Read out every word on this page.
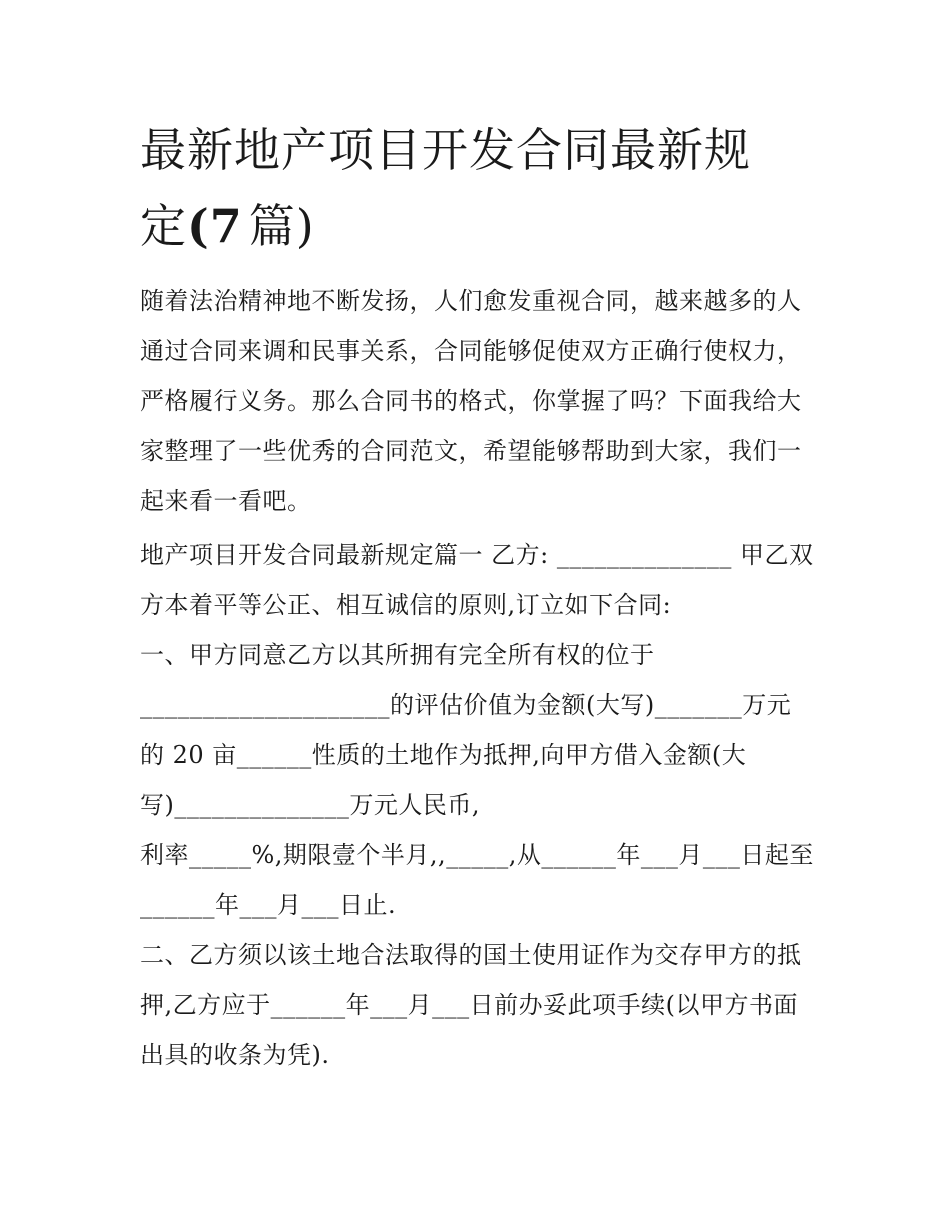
最新地产项目开发合同最新规
定(7 篇)
随着法治精神地不断发扬，人们愈发重视合同，越来越多的人
通过合同来调和民事关系，合同能够促使双方正确行使权力，
严格履行义务。那么合同书的格式，你掌握了吗？下面我给大
家整理了一些优秀的合同范文，希望能够帮助到大家，我们一
起来看一看吧。
地产项目开发合同最新规定篇一 乙方: ______________ 甲乙双
方本着平等公正、相互诚信的原则,订立如下合同:
一、甲方同意乙方以其所拥有完全所有权的位于
____________________的评估价值为金额(大写)_______万元
的 20 亩______性质的土地作为抵押,向甲方借入金额(大
写)______________万元人民币,
利率_____%,期限壹个半月,,_____,从______年___月___日起至
______年___月___日止.
二、乙方须以该土地合法取得的国土使用证作为交存甲方的抵
押,乙方应于______年___月___日前办妥此项手续(以甲方书面
出具的收条为凭).
